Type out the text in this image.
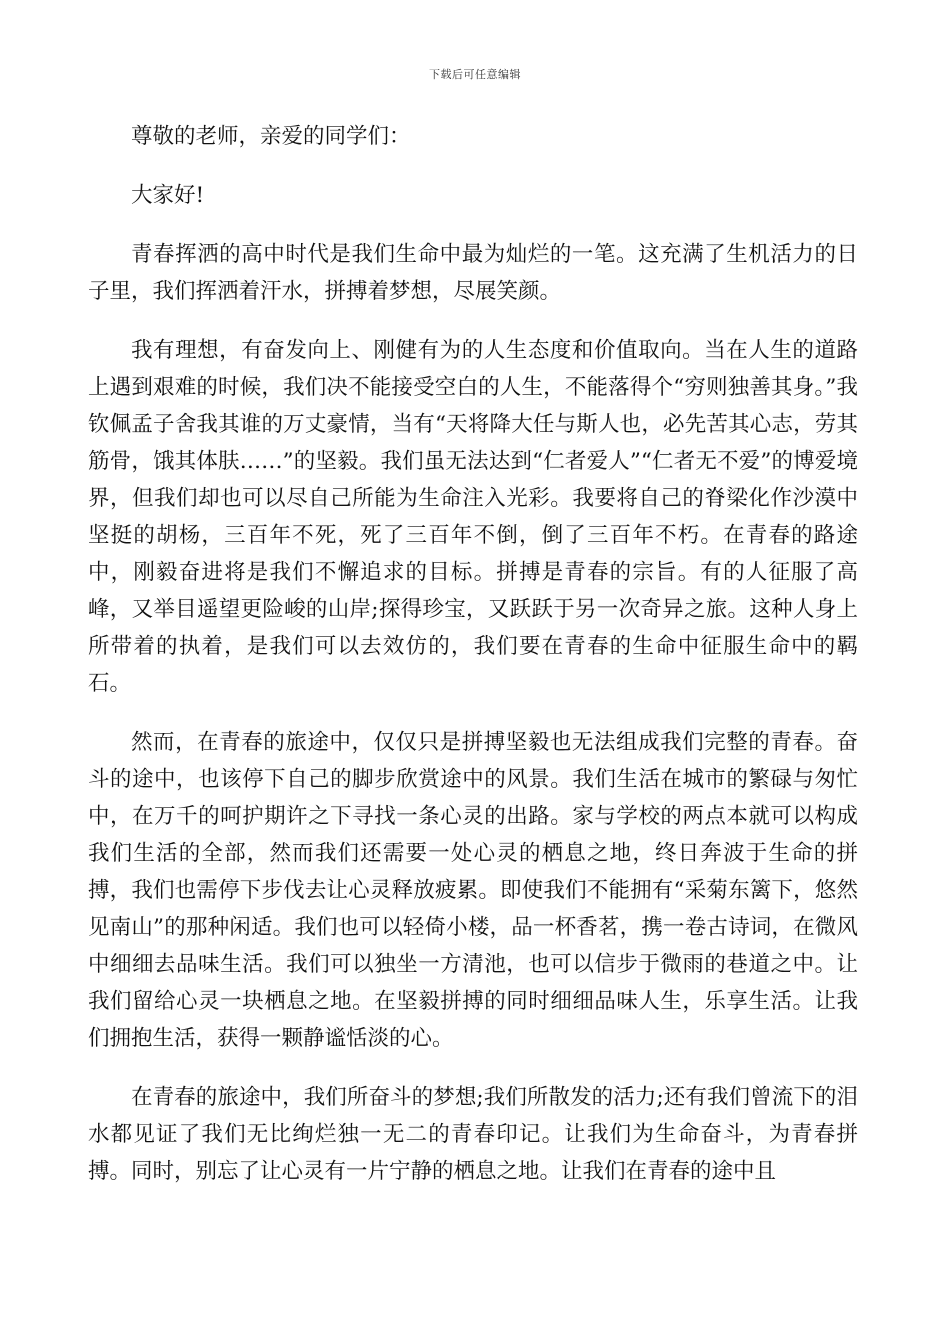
下载后可任意编辑

尊敬的老师，亲爱的同学们：

大家好!

青春挥洒的高中时代是我们生命中最为灿烂的一笔。这充满了生机活力的日子里，我们挥洒着汗水，拼搏着梦想，尽展笑颜。

我有理想，有奋发向上、刚健有为的人生态度和价值取向。当在人生的道路上遇到艰难的时候，我们决不能接受空白的人生，不能落得个“穷则独善其身。”我钦佩孟子舍我其谁的万丈豪情，当有“天将降大任与斯人也，必先苦其心志，劳其筋骨，饿其体肤……”的坚毅。我们虽无法达到“仁者爱人”“仁者无不爱”的博爱境界，但我们却也可以尽自己所能为生命注入光彩。我要将自己的脊梁化作沙漠中坚挺的胡杨，三百年不死，死了三百年不倒，倒了三百年不朽。在青春的路途中，刚毅奋进将是我们不懈追求的目标。拼搏是青春的宗旨。有的人征服了高峰，又举目遥望更险峻的山岸;探得珍宝，又跃跃于另一次奇异之旅。这种人身上所带着的执着，是我们可以去效仿的，我们要在青春的生命中征服生命中的羁石。

然而，在青春的旅途中，仅仅只是拼搏坚毅也无法组成我们完整的青春。奋斗的途中，也该停下自己的脚步欣赏途中的风景。我们生活在城市的繁碌与匆忙中，在万千的呵护期许之下寻找一条心灵的出路。家与学校的两点本就可以构成我们生活的全部，然而我们还需要一处心灵的栖息之地，终日奔波于生命的拼搏，我们也需停下步伐去让心灵释放疲累。即使我们不能拥有“采菊东篱下，悠然见南山”的那种闲适。我们也可以轻倚小楼，品一杯香茗，携一卷古诗词，在微风中细细去品味生活。我们可以独坐一方清池，也可以信步于微雨的巷道之中。让我们留给心灵一块栖息之地。在坚毅拼搏的同时细细品味人生，乐享生活。让我们拥抱生活，获得一颗静谧恬淡的心。

在青春的旅途中，我们所奋斗的梦想;我们所散发的活力;还有我们曾流下的泪水都见证了我们无比绚烂独一无二的青春印记。让我们为生命奋斗，为青春拼搏。同时，别忘了让心灵有一片宁静的栖息之地。让我们在青春的途中且
